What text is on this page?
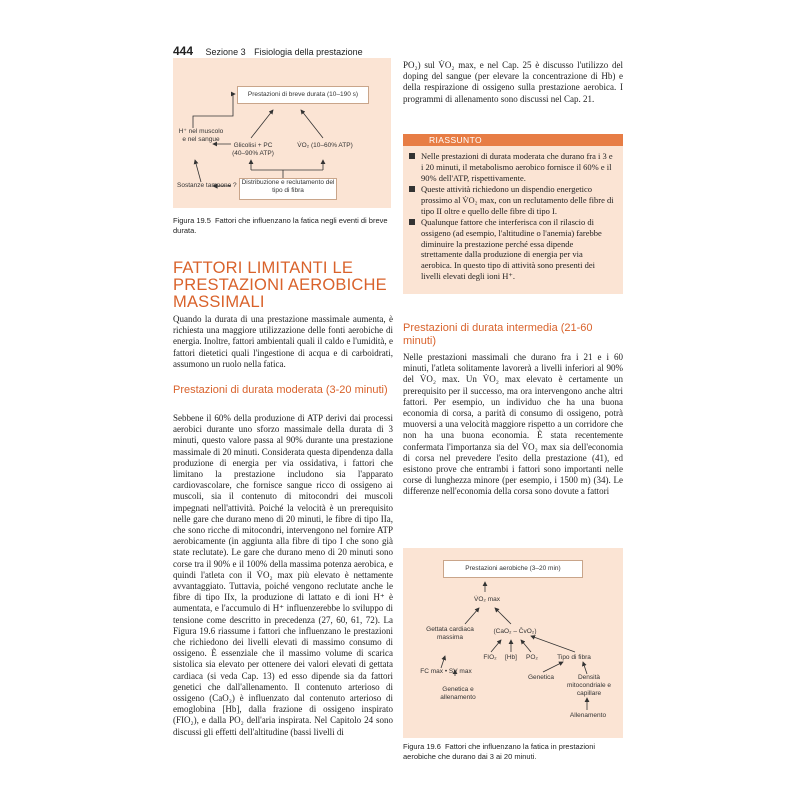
444 Sezione 3 Fisiologia della prestazione
Prestazioni di breve durata (10–190 s)
H⁺ nel muscolo e nel sangue
Glicolisi + PC (40–90% ATP)
V̇O₂ (10–60% ATP)
Sostanze tampone ? Distribuzione e reclutamento del tipo di fibra
Figura 19.5 Fattori che influenzano la fatica negli eventi di breve durata.
FATTORI LIMITANTI LE PRESTAZIONI AEROBICHE MASSIMALI
Quando la durata di una prestazione massimale aumenta, è richiesta una maggiore utilizzazione delle fonti aerobiche di energia. Inoltre, fattori ambientali quali il caldo e l'umidità, e fattori dietetici quali l'ingestione di acqua e di carboidrati, assumono un ruolo nella fatica.
Prestazioni di durata moderata (3-20 minuti)
Sebbene il 60% della produzione di ATP derivi dai processi aerobici durante uno sforzo massimale della durata di 3 minuti, questo valore passa al 90% durante una prestazione massimale di 20 minuti. Considerata questa dipendenza dalla produzione di energia per via ossidativa, i fattori che limitano la prestazione includono sia l'apparato cardiovascolare, che fornisce sangue ricco di ossigeno ai muscoli, sia il contenuto di mitocondri dei muscoli impegnati nell'attività. Poiché la velocità è un prerequisito nelle gare che durano meno di 20 minuti, le fibre di tipo IIa, che sono ricche di mitocondri, intervengono nel fornire ATP aerobicamente (in aggiunta alla fibre di tipo I che sono già state reclutate). Le gare che durano meno di 20 minuti sono corse tra il 90% e il 100% della massima potenza aerobica, e quindi l'atleta con il V̇O₂ max più elevato è nettamente avvantaggiato. Tuttavia, poiché vengono reclutate anche le fibre di tipo IIx, la produzione di lattato e di ioni H⁺ è aumentata, e l'accumulo di H⁺ influenzerebbe lo sviluppo di tensione come descritto in precedenza (27, 60, 61, 72). La Figura 19.6 riassume i fattori che influenzano le prestazioni che richiedono dei livelli elevati di massimo consumo di ossigeno. È essenziale che il massimo volume di scarica sistolica sia elevato per ottenere dei valori elevati di gettata cardiaca (si veda Cap. 13) ed esso dipende sia da fattori genetici che dall'allenamento. Il contenuto arterioso di ossigeno (CaO₂) è influenzato dal contenuto arterioso di emoglobina [Hb], dalla frazione di ossigeno inspirato (FIO₂), e dalla PO₂ dell'aria inspirata. Nel Capitolo 24 sono discussi gli effetti dell'altitudine (bassi livelli di
PO₂) sul V̇O₂ max, e nel Cap. 25 è discusso l'utilizzo del doping del sangue (per elevare la concentrazione di Hb) e della respirazione di ossigeno sulla prestazione aerobica. I programmi di allenamento sono discussi nel Cap. 21.
RIASSUNTO
Nelle prestazioni di durata moderata che durano fra i 3 e i 20 minuti, il metabolismo aerobico fornisce il 60% e il 90% dell'ATP, rispettivamente.
Queste attività richiedono un dispendio energetico prossimo al V̇O₂ max, con un reclutamento delle fibre di tipo II oltre e quello delle fibre di tipo I.
Qualunque fattore che interferisca con il rilascio di ossigeno (ad esempio, l'altitudine o l'anemia) farebbe diminuire la prestazione perché essa dipende strettamente dalla produzione di energia per via aerobica. In questo tipo di attività sono presenti dei livelli elevati degli ioni H⁺.
Prestazioni di durata intermedia (21-60 minuti)
Nelle prestazioni massimali che durano fra i 21 e i 60 minuti, l'atleta solitamente lavorerà a livelli inferiori al 90% del V̇O₂ max. Un V̇O₂ max elevato è certamente un prerequisito per il successo, ma ora intervengono anche altri fattori. Per esempio, un individuo che ha una buona economia di corsa, a parità di consumo di ossigeno, potrà muoversi a una velocità maggiore rispetto a un corridore che non ha una buona economia. È stata recentemente confermata l'importanza sia del V̇O₂ max sia dell'economia di corsa nel prevedere l'esito della prestazione (41), ed esistono prove che entrambi i fattori sono importanti nelle corse di lunghezza minore (per esempio, i 1500 m) (34). Le differenze nell'economia della corsa sono dovute a fattori
Prestazioni aerobiche (3–20 min)
V̇O₂ max
Gettata cardiaca massima
(CaO₂ – C̄vO₂)
FIO₂	[Hb]	PO₂	Tipo di fibra
FC max • SV max
Genetica
Genetica e allenamento
Densità mitocondriale e capillare
Allenamento
Figura 19.6 Fattori che influenzano la fatica in prestazioni aerobiche che durano dai 3 ai 20 minuti.
